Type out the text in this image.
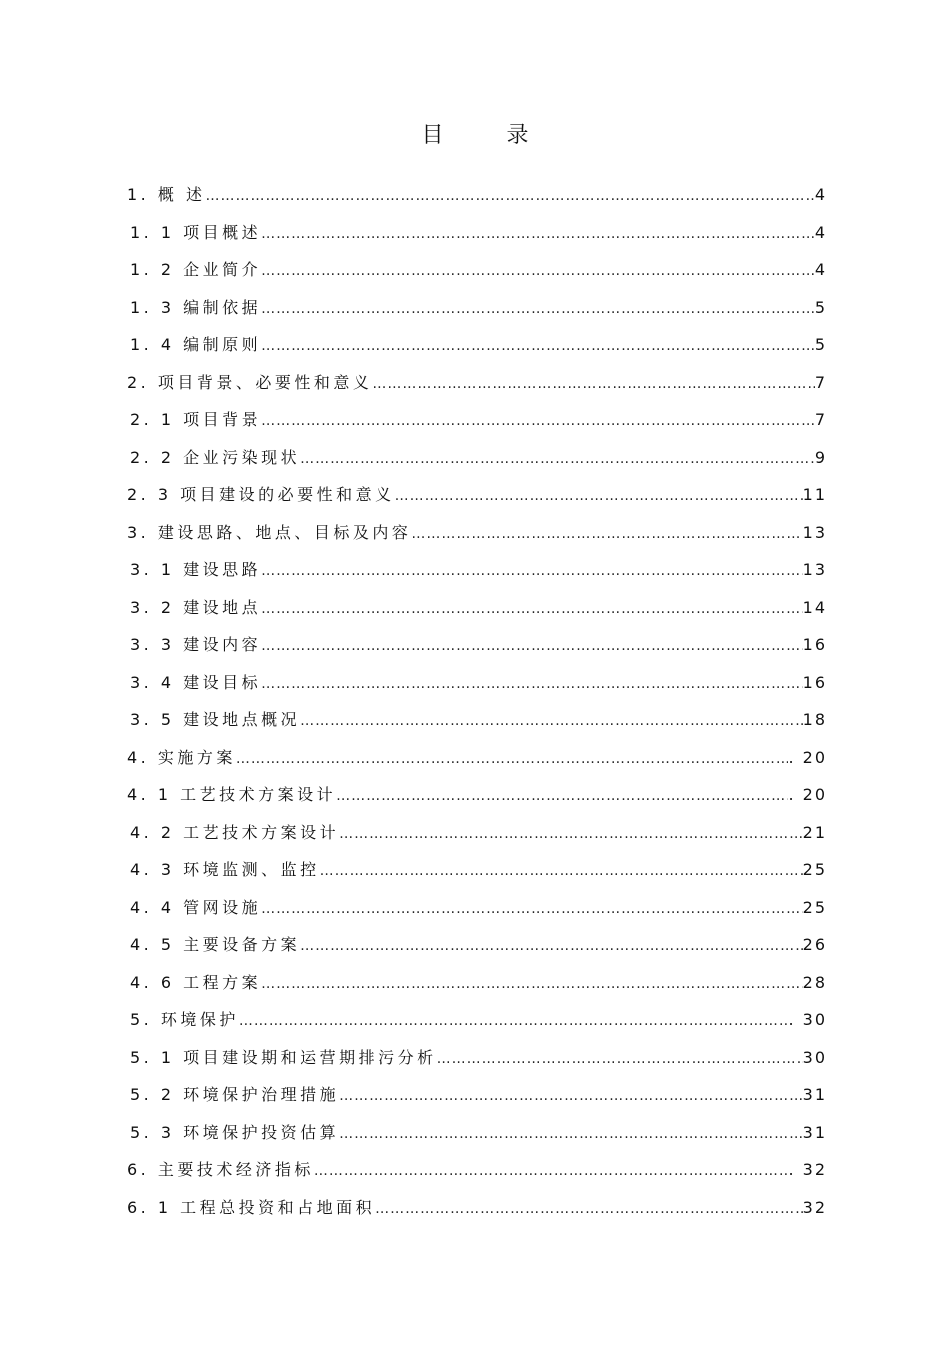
目 录
1. 概 述 …………………………………………………………………………………………………………………………………………………………………………………………………………	4
1. 1 项目概述 …………………………………………………………………………………………………………………………………………………………………………………………………………	4
1. 2 企业简介 …………………………………………………………………………………………………………………………………………………………………………………………………………	4
1. 3 编制依据 …………………………………………………………………………………………………………………………………………………………………………………………………………	5
1. 4 编制原则 …………………………………………………………………………………………………………………………………………………………………………………………………………	5
2. 项目背景、必要性和意义 …………………………………………………………………………………………………………………………………………………………………………………………………………	7
2. 1 项目背景 …………………………………………………………………………………………………………………………………………………………………………………………………………	7
2. 2 企业污染现状 …………………………………………………………………………………………………………………………………………………………………………………………………………	9
2. 3 项目建设的必要性和意义 …………………………………………………………………………………………………………………………………………………………………………………………………………	11
3. 建设思路、地点、目标及内容 …………………………………………………………………………………………………………………………………………………………………………………………………………	13
3. 1 建设思路 …………………………………………………………………………………………………………………………………………………………………………………………………………	13
3. 2 建设地点 …………………………………………………………………………………………………………………………………………………………………………………………………………	14
3. 3 建设内容 …………………………………………………………………………………………………………………………………………………………………………………………………………	16
3. 4 建设目标 …………………………………………………………………………………………………………………………………………………………………………………………………………	16
3. 5 建设地点概况 …………………………………………………………………………………………………………………………………………………………………………………………………………	18
4. 实施方案 …………………………………………………………………………………………………………………………………………………………………………………………………………	. 20
4. 1 工艺技术方案设计 …………………………………………………………………………………………………………………………………………………………………………………………………………	. 20
4. 2 工艺技术方案设计 …………………………………………………………………………………………………………………………………………………………………………………………………………	21
4. 3 环境监测、监控 …………………………………………………………………………………………………………………………………………………………………………………………………………	25
4. 4 管网设施 …………………………………………………………………………………………………………………………………………………………………………………………………………	25
4. 5 主要设备方案 …………………………………………………………………………………………………………………………………………………………………………………………………………	26
4. 6 工程方案 …………………………………………………………………………………………………………………………………………………………………………………………………………	28
5. 环境保护 …………………………………………………………………………………………………………………………………………………………………………………………………………	. 30
5. 1 项目建设期和运营期排污分析 …………………………………………………………………………………………………………………………………………………………………………………………………………	30
5. 2 环境保护治理措施 …………………………………………………………………………………………………………………………………………………………………………………………………………	31
5. 3 环境保护投资估算 …………………………………………………………………………………………………………………………………………………………………………………………………………	31
6. 主要技术经济指标 …………………………………………………………………………………………………………………………………………………………………………………………………………	. 32
6. 1 工程总投资和占地面积 …………………………………………………………………………………………………………………………………………………………………………………………………………	32
